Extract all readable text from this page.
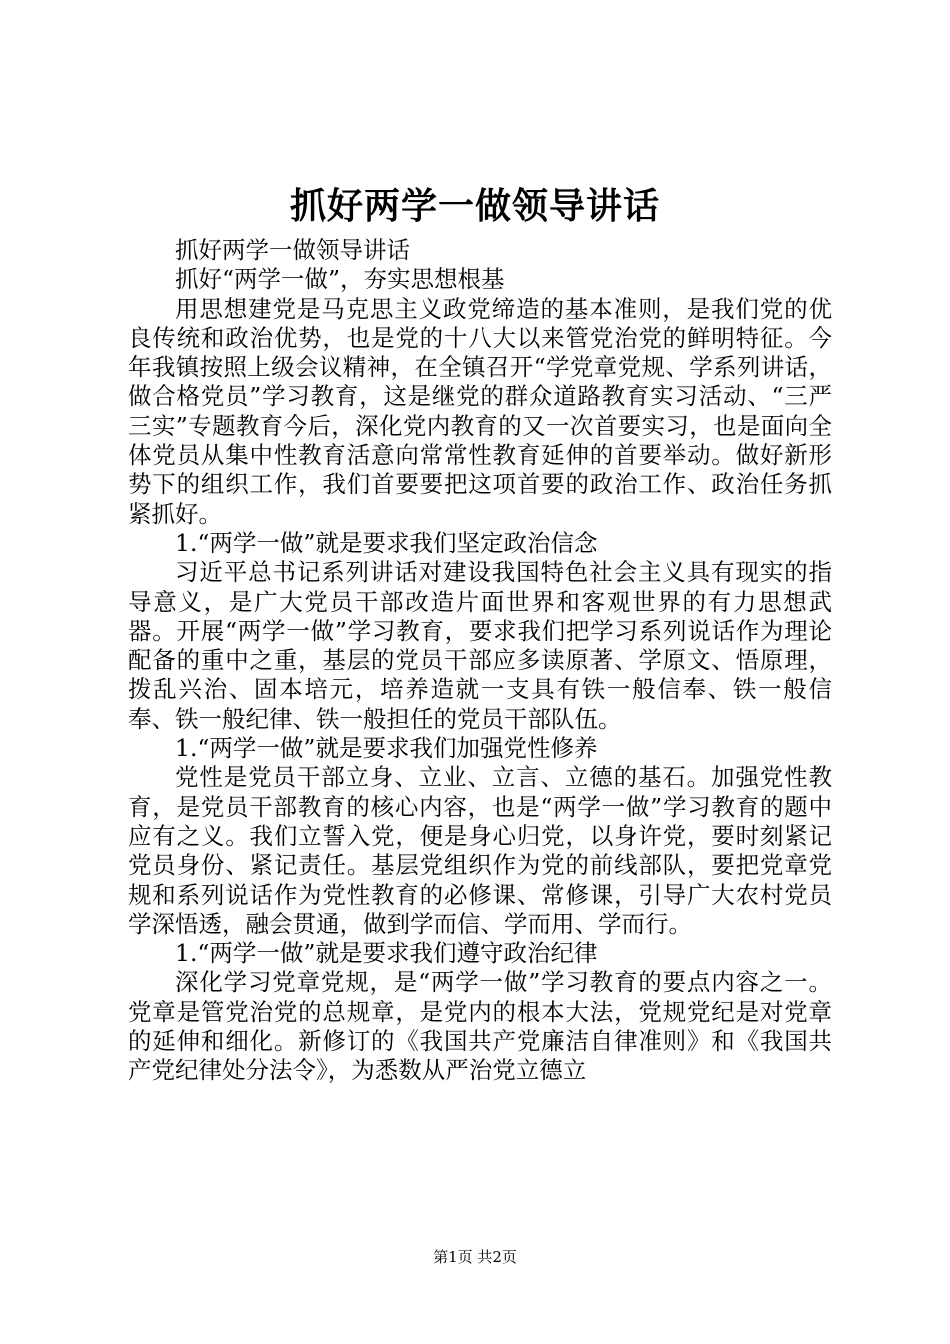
抓好两学一做领导讲话

抓好两学一做领导讲话

抓好“两学一做”，夯实思想根基

用思想建党是马克思主义政党缔造的基本准则，是我们党的优良传统和政治优势，也是党的十八大以来管党治党的鲜明特征。今年我镇按照上级会议精神，在全镇召开“学党章党规、学系列讲话，做合格党员”学习教育，这是继党的群众道路教育实习活动、“三严三实”专题教育今后，深化党内教育的又一次首要实习，也是面向全体党员从集中性教育活意向常常性教育延伸的首要举动。做好新形势下的组织工作，我们首要要把这项首要的政治工作、政治任务抓紧抓好。

1.“两学一做”就是要求我们坚定政治信念

习近平总书记系列讲话对建设我国特色社会主义具有现实的指导意义，是广大党员干部改造片面世界和客观世界的有力思想武器。开展“两学一做”学习教育，要求我们把学习系列说话作为理论配备的重中之重，基层的党员干部应多读原著、学原文、悟原理，拨乱兴治、固本培元，培养造就一支具有铁一般信奉、铁一般信奉、铁一般纪律、铁一般担任的党员干部队伍。

1.“两学一做”就是要求我们加强党性修养

党性是党员干部立身、立业、立言、立德的基石。加强党性教育，是党员干部教育的核心内容，也是“两学一做”学习教育的题中应有之义。我们立誓入党，便是身心归党，以身许党，要时刻紧记党员身份、紧记责任。基层党组织作为党的前线部队，要把党章党规和系列说话作为党性教育的必修课、常修课，引导广大农村党员学深悟透，融会贯通，做到学而信、学而用、学而行。

1.“两学一做”就是要求我们遵守政治纪律

深化学习党章党规，是“两学一做”学习教育的要点内容之一。党章是管党治党的总规章，是党内的根本大法，党规党纪是对党章的延伸和细化。新修订的《我国共产党廉洁自律准则》和《我国共产党纪律处分法令》，为悉数从严治党立德立

第1页 共2页
